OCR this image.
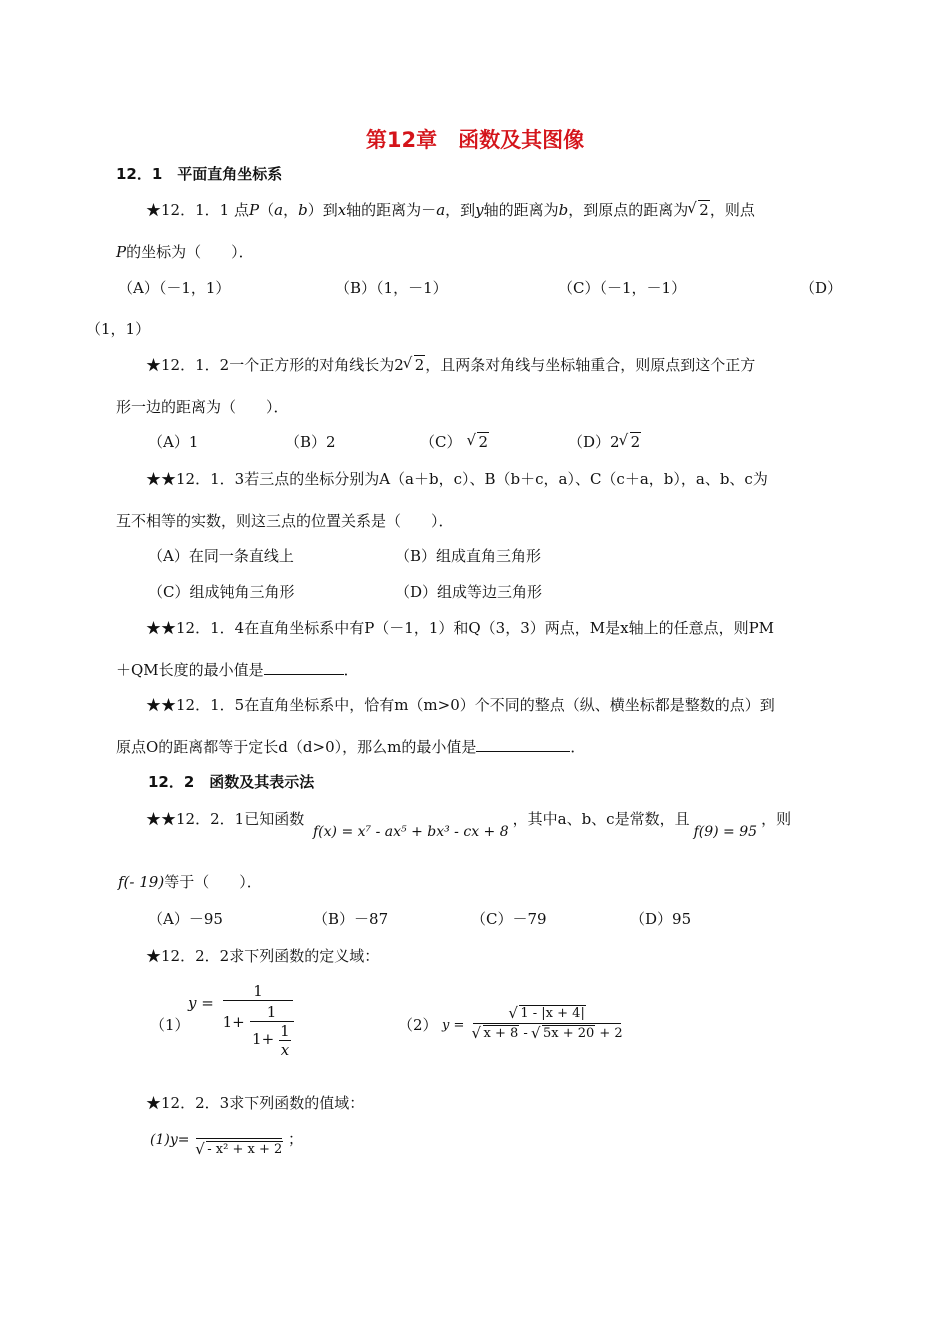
第12章　函数及其图像
12．1　平面直角坐标系
★12．1．1 点P（a，b）到x轴的距离为－a，到y轴的距离为b，到原点的距离为 √ 2，则点
P的坐标为（　　）．
（A）（－1，1）	（B）（1，－1）	（C）（－1，－1）	（D）
（1，1）
★12．1．2一个正方形的对角线长为2 √ 2，且两条对角线与坐标轴重合，则原点到这个正方
形一边的距离为（　　）．
（A）1	（B）2	（C） √ 2	（D）2 √ 2
★★12．1．3若三点的坐标分别为A（a＋b，c）、B（b＋c，a）、C（c＋a，b），a、b、c为
互不相等的实数，则这三点的位置关系是（　　）．
（A）在同一条直线上	（B）组成直角三角形
（C）组成钝角三角形	（D）组成等边三角形
★★12．1．4在直角坐标系中有P（－1，1）和Q（3，3）两点，M是x轴上的任意点，则PM
＋QM长度的最小值是	．
★★12．1．5在直角坐标系中，恰有m（m>0）个不同的整点（纵、横坐标都是整数的点）到
原点O的距离都等于定长d（d>0），那么m的最小值是	．
12．2　函数及其表示法
★★12．2．1已知函数 f(x) = x⁷ - ax⁵ + bx³ - cx + 8，其中a、b、c是常数，且f(9) = 95，则
f(- 19)等于（　　）．
（A）－95	（B）－87	（C）－79	（D）95
★12．2．2求下列函数的定义域：
（1）
y =
1
$1+ \frac{1}{1+ \frac{1}{x}}$	（2） y = √ 1 - |x + 4|
√ x + 8 - √ 5x + 20 + 2
★12．2．3求下列函数的值域：
(1)y=
√ - x² + x + 2 ；
